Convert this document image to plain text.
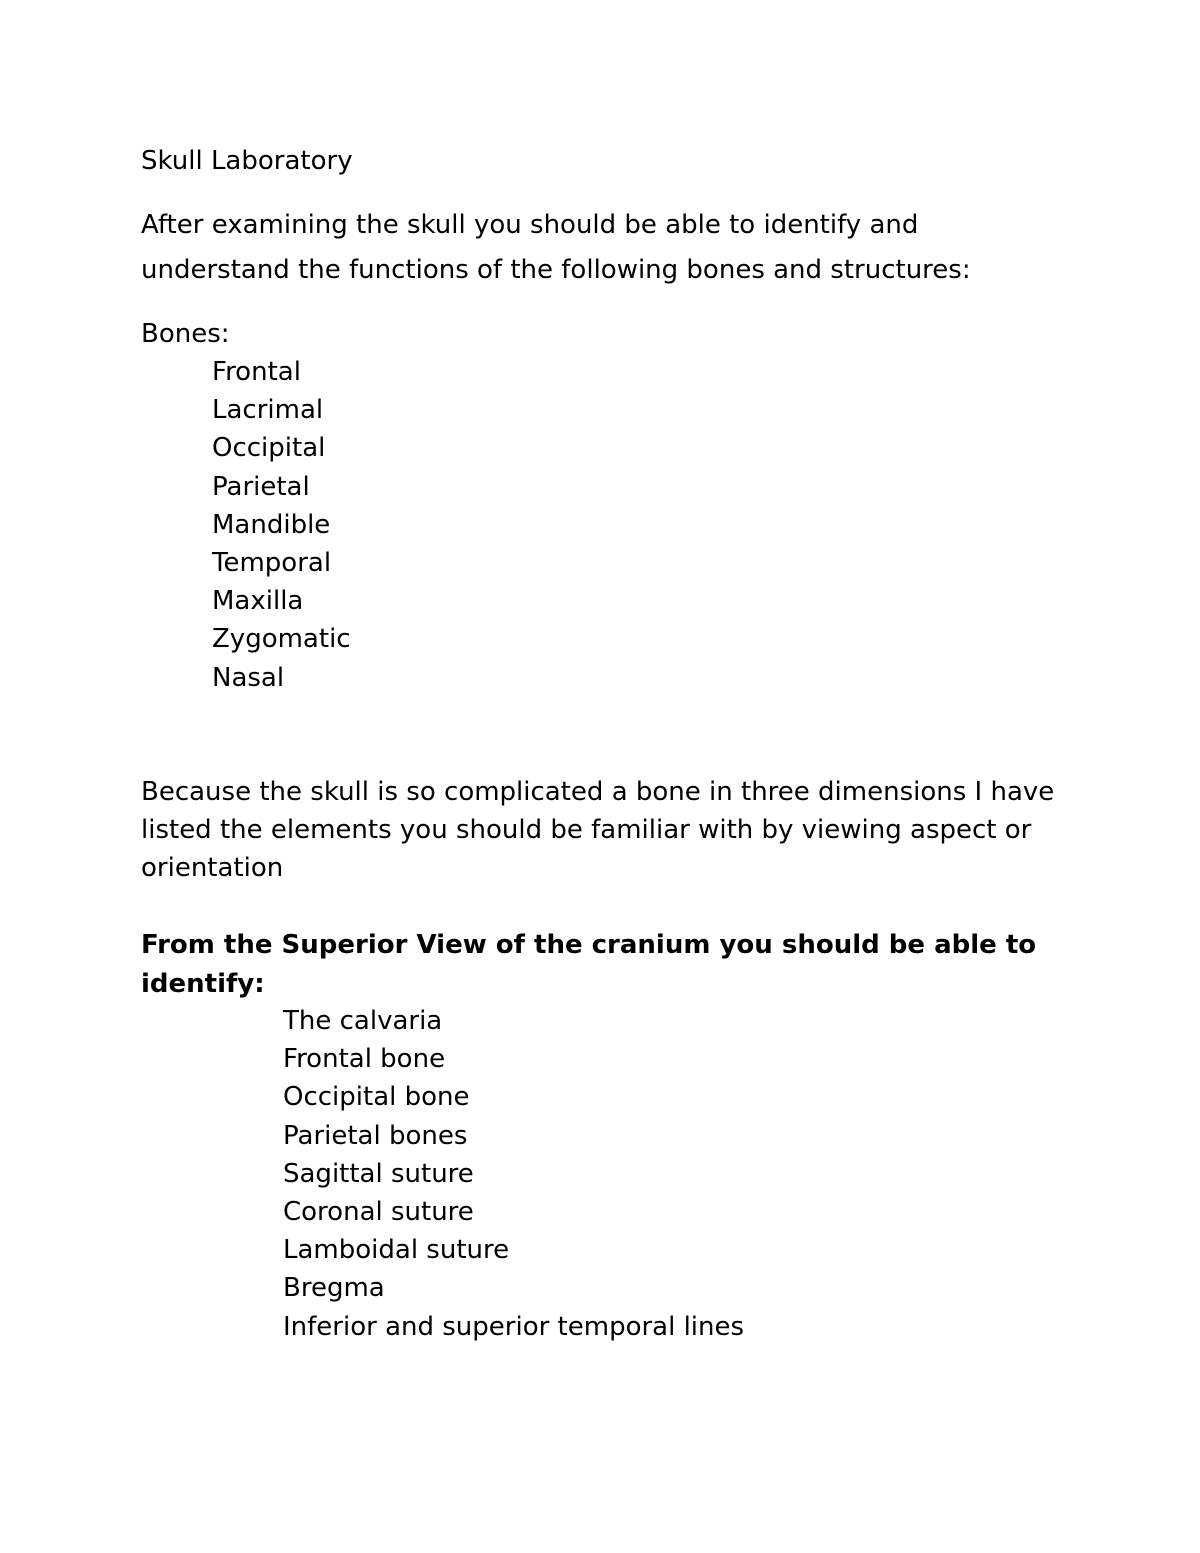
Skull Laboratory
After examining the skull you should be able to identify and
understand the functions of the following bones and structures:
Bones:
Frontal
Lacrimal
Occipital
Parietal
Mandible
Temporal
Maxilla
Zygomatic
Nasal
Because the skull is so complicated a bone in three dimensions I have
listed the elements you should be familiar with by viewing aspect or
orientation
From the Superior View of the cranium you should be able to
identify:
The calvaria
Frontal bone
Occipital bone
Parietal bones
Sagittal suture
Coronal suture
Lamboidal suture
Bregma
Inferior and superior temporal lines
